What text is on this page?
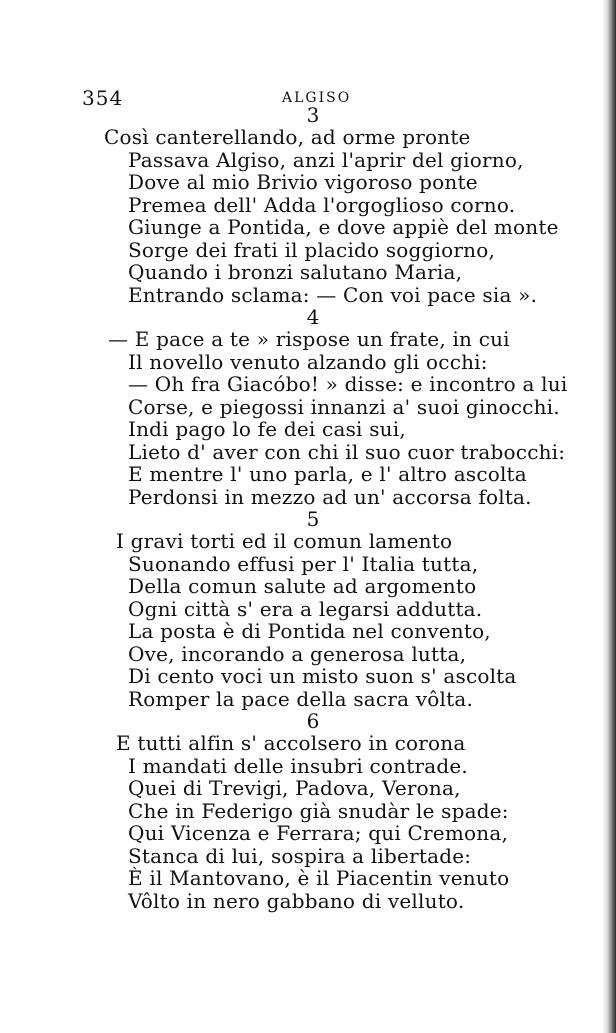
354	ALGISO
3
Così canterellando, ad orme pronte
Passava Algiso, anzi l'aprir del giorno,
Dove al mio Brivio vigoroso ponte
Premea dell' Adda l'orgoglioso corno.
Giunge a Pontida, e dove appiè del monte
Sorge dei frati il placido soggiorno,
Quando i bronzi salutano Maria,
Entrando sclama: — Con voi pace sia ».
4
— E pace a te » rispose un frate, in cui
Il novello venuto alzando gli occhi:
— Oh fra Giacóbo! » disse: e incontro a lui
Corse, e piegossi innanzi a' suoi ginocchi.
Indi pago lo fe dei casi sui,
Lieto d' aver con chi il suo cuor trabocchi:
E mentre l' uno parla, e l' altro ascolta
Perdonsi in mezzo ad un' accorsa folta.
5
I gravi torti ed il comun lamento
Suonando effusi per l' Italia tutta,
Della comun salute ad argomento
Ogni città s' era a legarsi addutta.
La posta è di Pontida nel convento,
Ove, incorando a generosa lutta,
Di cento voci un misto suon s' ascolta
Romper la pace della sacra vôlta.
6
E tutti alfin s' accolsero in corona
I mandati delle insubri contrade.
Quei di Trevigi, Padova, Verona,
Che in Federigo già snudàr le spade:
Qui Vicenza e Ferrara; qui Cremona,
Stanca di lui, sospira a libertade:
È il Mantovano, è il Piacentin venuto
Vôlto in nero gabbano di velluto.
